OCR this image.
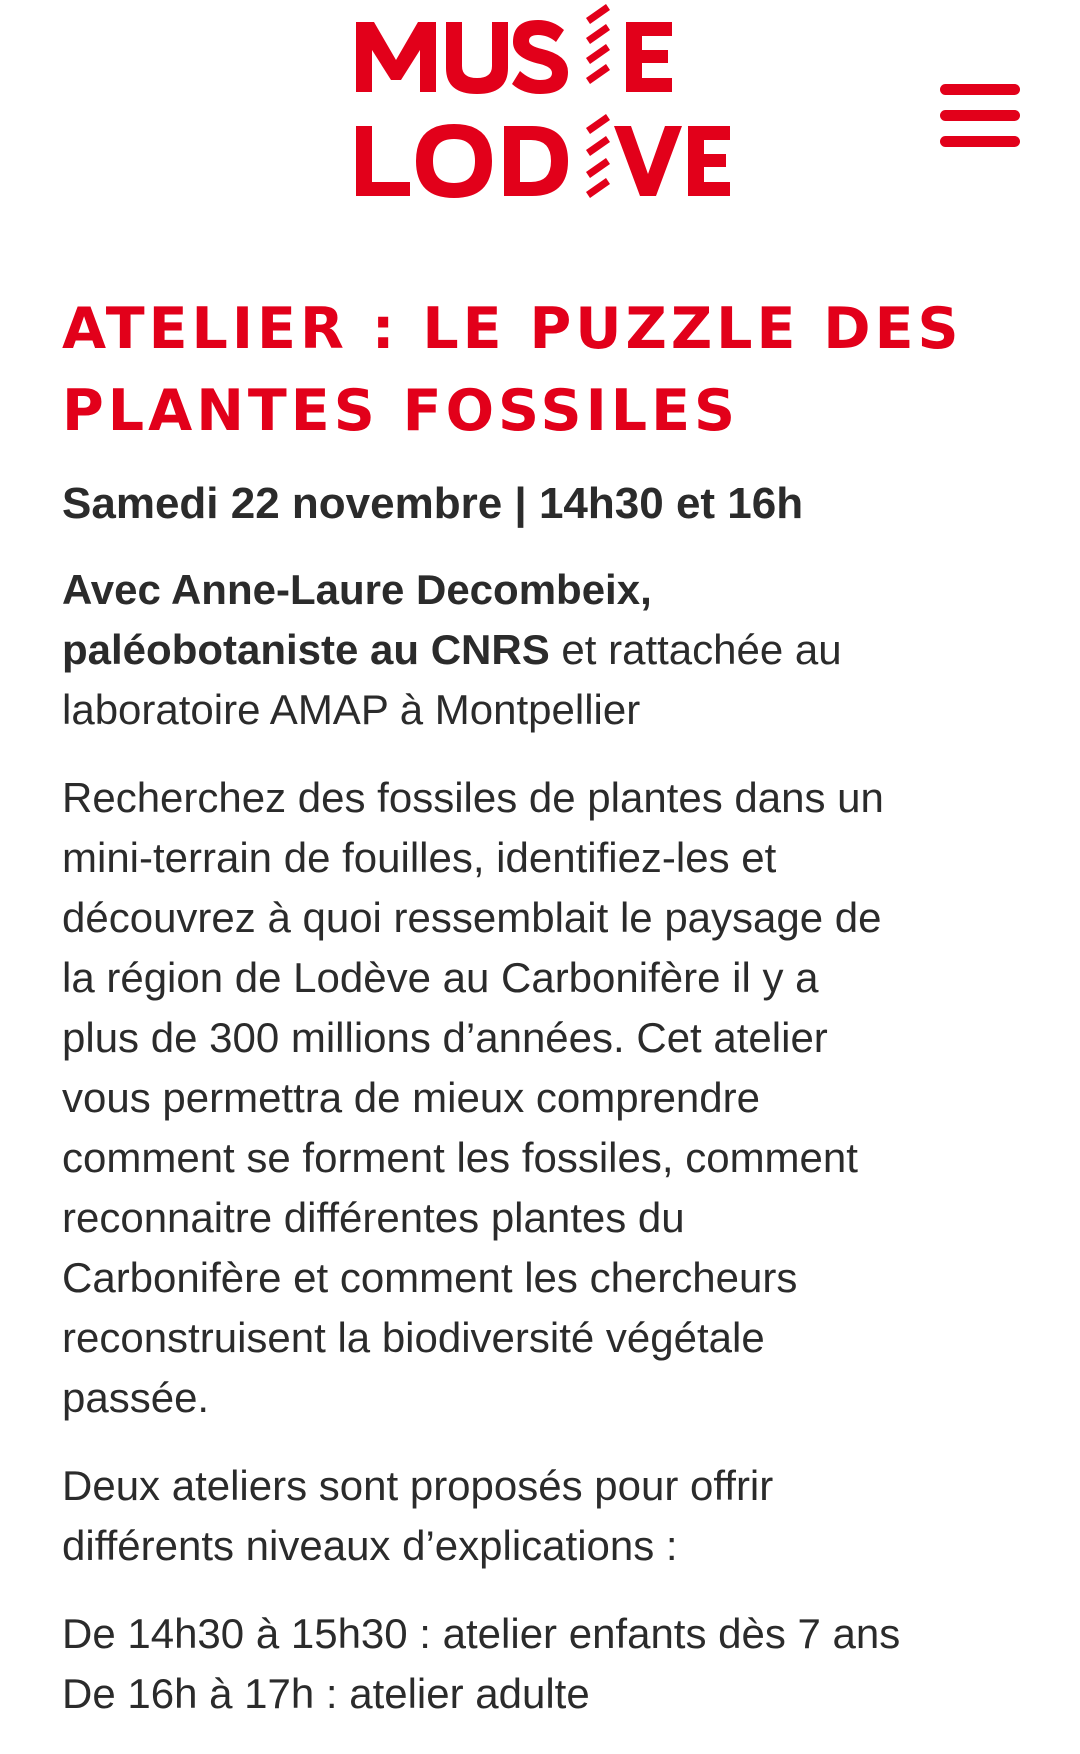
ATELIER : LE PUZZLE DES
PLANTES FOSSILES

Samedi 22 novembre | 14h30 et 16h

Avec Anne-Laure Decombeix,
paléobotaniste au CNRS et rattachée au
laboratoire AMAP à Montpellier

Recherchez des fossiles de plantes dans un
mini-terrain de fouilles, identifiez-les et
découvrez à quoi ressemblait le paysage de
la région de Lodève au Carbonifère il y a
plus de 300 millions d’années. Cet atelier
vous permettra de mieux comprendre
comment se forment les fossiles, comment
reconnaitre différentes plantes du
Carbonifère et comment les chercheurs
reconstruisent la biodiversité végétale
passée.

Deux ateliers sont proposés pour offrir
différents niveaux d’explications :

De 14h30 à 15h30 : atelier enfants dès 7 ans
De 16h à 17h : atelier adulte
